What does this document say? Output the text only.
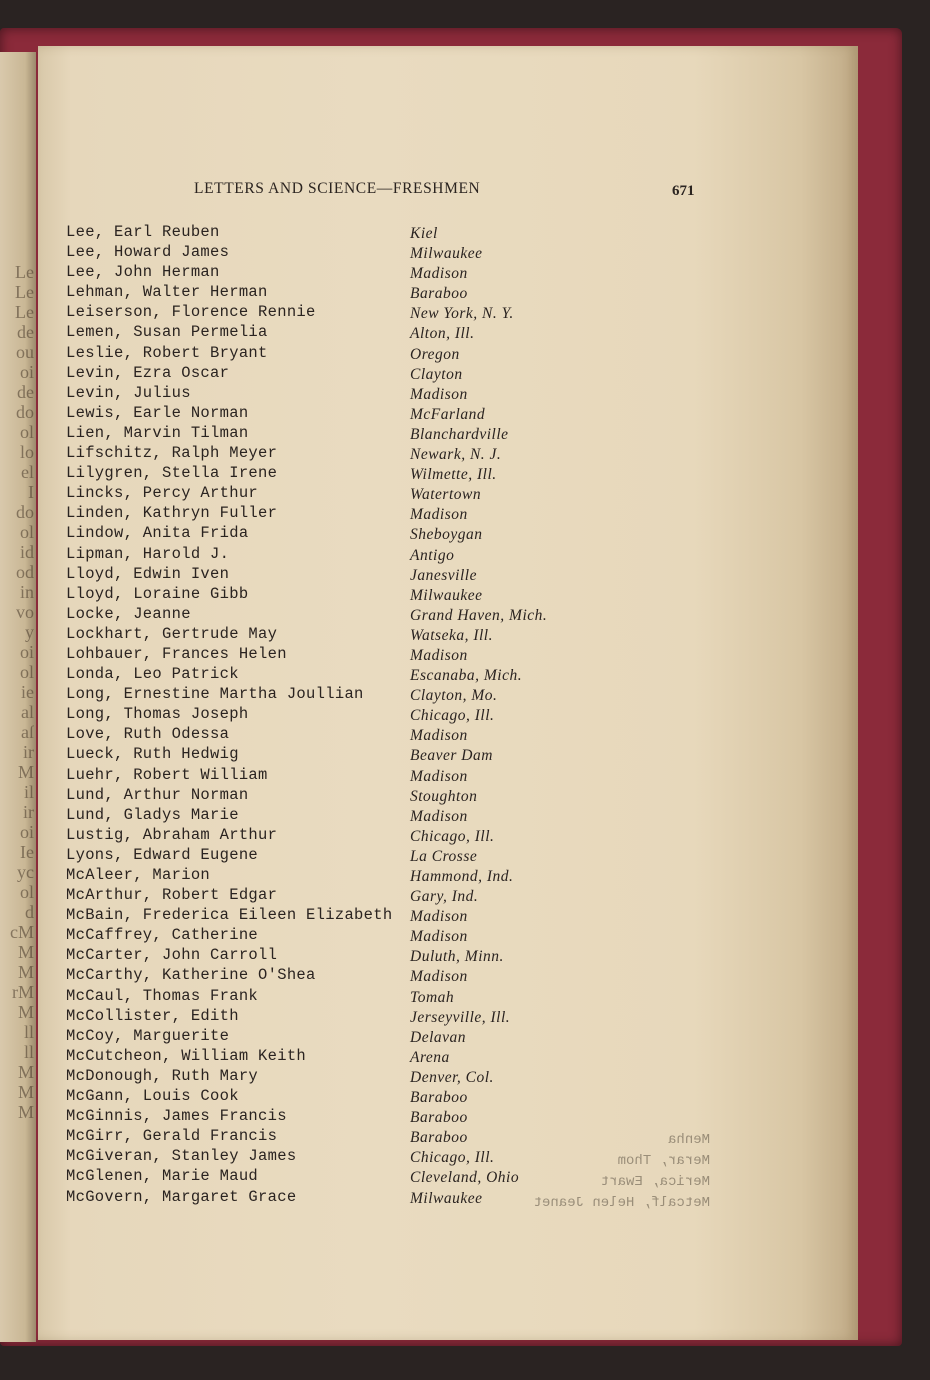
Le
Le
Le
de
ou
oi
de
do
ol
lo
el
I
do
ol
id
od
in
vo
y
oi
ol
ie
al
aſ
ir
M
il
ir
oi
Ie
yc
ol
d
cM
M
M
rM
M
ll
ll
M
M
M
LETTERS AND SCIENCE—FRESHMEN	671
Lee, Earl Reuben
Lee, Howard James
Lee, John Herman
Lehman, Walter Herman
Leiserson, Florence Rennie
Lemen, Susan Permelia
Leslie, Robert Bryant
Levin, Ezra Oscar
Levin, Julius
Lewis, Earle Norman
Lien, Marvin Tilman
Lifschitz, Ralph Meyer
Lilygren, Stella Irene
Lincks, Percy Arthur
Linden, Kathryn Fuller
Lindow, Anita Frida
Lipman, Harold J.
Lloyd, Edwin Iven
Lloyd, Loraine Gibb
Locke, Jeanne
Lockhart, Gertrude May
Lohbauer, Frances Helen
Londa, Leo Patrick
Long, Ernestine Martha Joullian
Long, Thomas Joseph
Love, Ruth Odessa
Lueck, Ruth Hedwig
Luehr, Robert William
Lund, Arthur Norman
Lund, Gladys Marie
Lustig, Abraham Arthur
Lyons, Edward Eugene
McAleer, Marion
McArthur, Robert Edgar
McBain, Frederica Eileen Elizabeth
McCaffrey, Catherine
McCarter, John Carroll
McCarthy, Katherine O'Shea
McCaul, Thomas Frank
McCollister, Edith
McCoy, Marguerite
McCutcheon, William Keith
McDonough, Ruth Mary
McGann, Louis Cook
McGinnis, James Francis
McGirr, Gerald Francis
McGiveran, Stanley James
McGlenen, Marie Maud
McGovern, Margaret Grace
Kiel
Milwaukee
Madison
Baraboo
New York, N. Y.
Alton, Ill.
Oregon
Clayton
Madison
McFarland
Blanchardville
Newark, N. J.
Wilmette, Ill.
Watertown
Madison
Sheboygan
Antigo
Janesville
Milwaukee
Grand Haven, Mich.
Watseka, Ill.
Madison
Escanaba, Mich.
Clayton, Mo.
Chicago, Ill.
Madison
Beaver Dam
Madison
Stoughton
Madison
Chicago, Ill.
La Crosse
Hammond, Ind.
Gary, Ind.
Madison
Madison
Duluth, Minn.
Madison
Tomah
Jerseyville, Ill.
Delavan
Arena
Denver, Col.
Baraboo
Baraboo
Baraboo
Chicago, Ill.
Cleveland, Ohio
Milwaukee
Menha
Merar, Thom
Merica, Ewart
Metcalf, Helen Jeanet
